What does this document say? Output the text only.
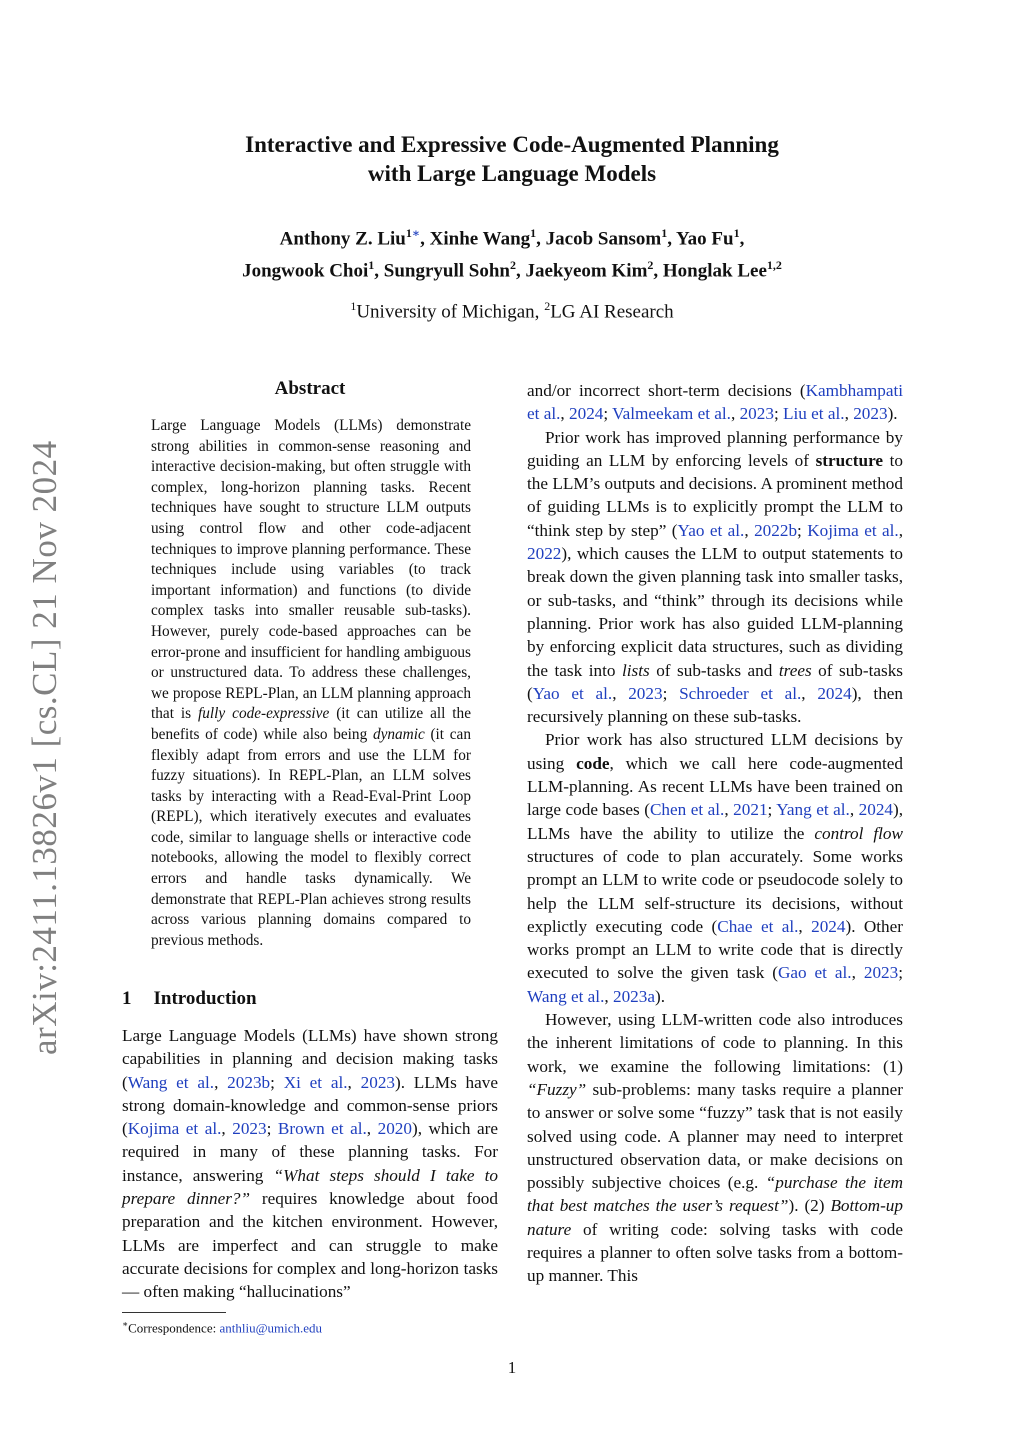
arXiv:2411.13826v1 [cs.CL] 21 Nov 2024
Interactive and Expressive Code-Augmented Planning
with Large Language Models
Anthony Z. Liu$^{1∗}$, Xinhe Wang$^1$, Jacob Sansom$^1$, Yao Fu$^1$,
Jongwook Choi$^1$, Sungryull Sohn$^2$, Jaekyeom Kim$^2$, Honglak Lee$^{1,2}$
$^1$University of Michigan, $^2$LG AI Research
Abstract
Large Language Models (LLMs) demonstrate strong abilities in common-sense reasoning and interactive decision-making, but often struggle with complex, long-horizon planning tasks. Recent techniques have sought to structure LLM outputs using control flow and other code-adjacent techniques to improve planning performance. These techniques include using variables (to track important information) and functions (to divide complex tasks into smaller reusable sub-tasks). However, purely code-based approaches can be error-prone and insufficient for handling ambiguous or unstructured data. To address these challenges, we propose REPL-Plan, an LLM planning approach that is fully code-expressive (it can utilize all the benefits of code) while also being dynamic (it can flexibly adapt from errors and use the LLM for fuzzy situations). In REPL-Plan, an LLM solves tasks by interacting with a Read-Eval-Print Loop (REPL), which iteratively executes and evaluates code, similar to language shells or interactive code notebooks, allowing the model to flexibly correct errors and handle tasks dynamically. We demonstrate that REPL-Plan achieves strong results across various planning domains compared to previous methods.
1 Introduction
Large Language Models (LLMs) have shown strong capabilities in planning and decision making tasks (Wang et al., 2023b; Xi et al., 2023). LLMs have strong domain-knowledge and common-sense priors (Kojima et al., 2023; Brown et al., 2020), which are required in many of these planning tasks. For instance, answering “What steps should I take to prepare dinner?” requires knowledge about food preparation and the kitchen environment. However, LLMs are imperfect and can struggle to make accurate decisions for complex and long-horizon tasks — often making “hallucinations”
∗Correspondence: anthliu@umich.edu

and/or incorrect short-term decisions (Kambhampati et al., 2024; Valmeekam et al., 2023; Liu et al., 2023).

Prior work has improved planning performance by guiding an LLM by enforcing levels of structure to the LLM’s outputs and decisions. A prominent method of guiding LLMs is to explicitly prompt the LLM to “think step by step” (Yao et al., 2022b; Kojima et al., 2022), which causes the LLM to output statements to break down the given planning task into smaller tasks, or sub-tasks, and “think” through its decisions while planning. Prior work has also guided LLM-planning by enforcing explicit data structures, such as dividing the task into lists of sub-tasks and trees of sub-tasks (Yao et al., 2023; Schroeder et al., 2024), then recursively planning on these sub-tasks.

Prior work has also structured LLM decisions by using code, which we call here code-augmented LLM-planning. As recent LLMs have been trained on large code bases (Chen et al., 2021; Yang et al., 2024), LLMs have the ability to utilize the control flow structures of code to plan accurately. Some works prompt an LLM to write code or pseudocode solely to help the LLM self-structure its decisions, without explictly executing code (Chae et al., 2024). Other works prompt an LLM to write code that is directly executed to solve the given task (Gao et al., 2023; Wang et al., 2023a).

However, using LLM-written code also introduces the inherent limitations of code to planning. In this work, we examine the following limitations: (1) “Fuzzy” sub-problems: many tasks require a planner to answer or solve some “fuzzy” task that is not easily solved using code. A planner may need to interpret unstructured observation data, or make decisions on possibly subjective choices (e.g. “purchase the item that best matches the user’s request”). (2) Bottom-up nature of writing code: solving tasks with code requires a planner to often solve tasks from a bottom-up manner. This

1
